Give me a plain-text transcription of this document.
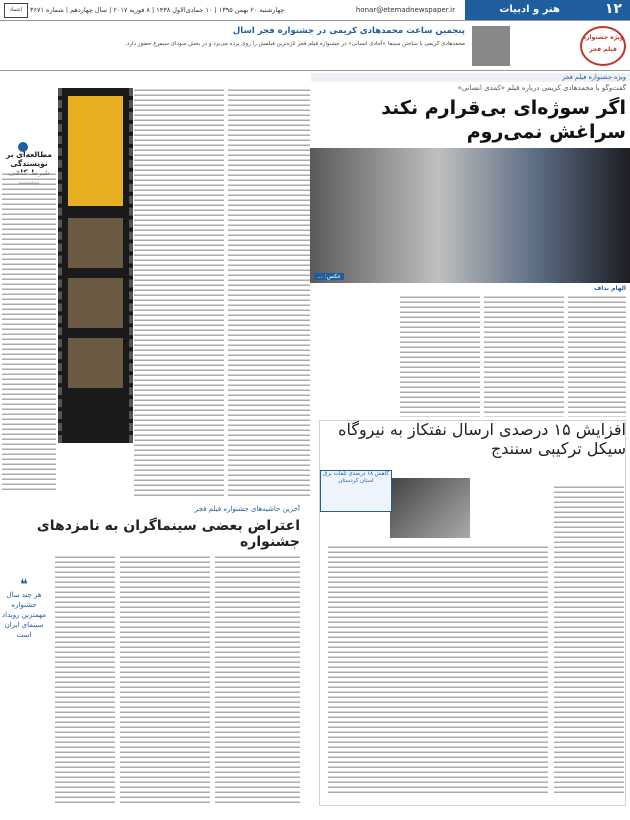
۱۲
هنر و ادبیات
honar@etemadnewspaper.ir
چهارشنبه ۲۰ بهمن ۱۳۹۵ | ۱۰ جمادی‌الاول ۱۴۳۸ | ۸ فوریه ۲۰۱۷ | سال چهاردهم | شماره ۳۶۷۱
اعتماد
پنجمین ساعت محمدهادی کریمی در جشنواره فجر اسال
محمدهادی کریمی با ساختن سینما «آحادی انسانی» در جشنواره فیلم فجر تازه‌ترین فیلمش را روی پرده می‌برد و در بخش سودای سیمرغ حضور دارد.
ویژه جشنواره فیلم فجر
ویژه جشنواره فیلم فجر
گفت‌وگو با محمدهادی کریمی درباره فیلم «کمدی انسانی»
اگر سوژه‌ای بی‌قرارم نکند سراغش نمی‌روم
عکس: ...
الهام نداف
مطالعه‌ای بر نویسندگی
افزایش ۱۵ درصدی ارسال نفتکاز به نیروگاه سیکل ترکیبی سنندج
کاهش ۱۸ درصدی تلفات برق استان کردستان
آخرین حاشیه‌های جشنواره فیلم فجر
اعتراض بعضی سینماگران به نامزدهای جشنواره
❝
هر چند سال جشنواره مهمترین رویداد سینمای ایران است
